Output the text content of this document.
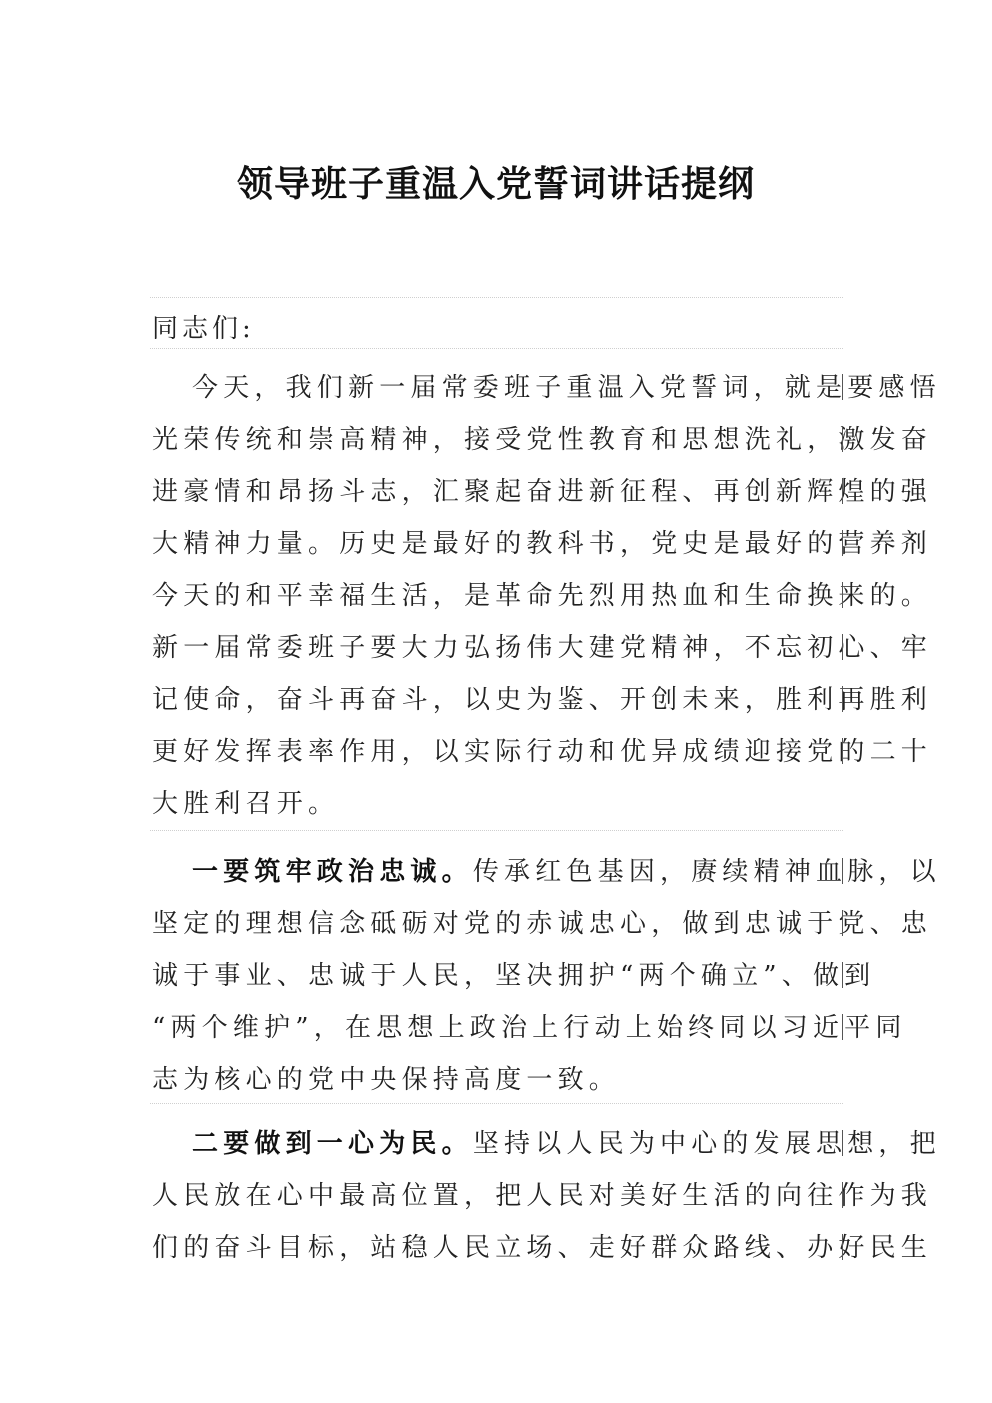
领导班子重温入党誓词讲话提纲
同志们:
今天，我们新一届常委班子重温入党誓词，就是要感悟
光荣传统和崇高精神，接受党性教育和思想洗礼，激发奋
进豪情和昂扬斗志，汇聚起奋进新征程、再创新辉煌的强
大精神力量。历史是最好的教科书，党史是最好的营养剂
今天的和平幸福生活，是革命先烈用热血和生命换来的。
新一届常委班子要大力弘扬伟大建党精神，不忘初心、牢
记使命，奋斗再奋斗，以史为鉴、开创未来，胜利再胜利
更好发挥表率作用，以实际行动和优异成绩迎接党的二十
大胜利召开。
一要筑牢政治忠诚。传承红色基因，赓续精神血脉，以
坚定的理想信念砥砺对党的赤诚忠心，做到忠诚于党、忠
诚于事业、忠诚于人民，坚决拥护“两个确立”、做到
“两个维护”，在思想上政治上行动上始终同以习近平同
志为核心的党中央保持高度一致。
二要做到一心为民。坚持以人民为中心的发展思想，把
人民放在心中最高位置，把人民对美好生活的向往作为我
们的奋斗目标，站稳人民立场、走好群众路线、办好民生
